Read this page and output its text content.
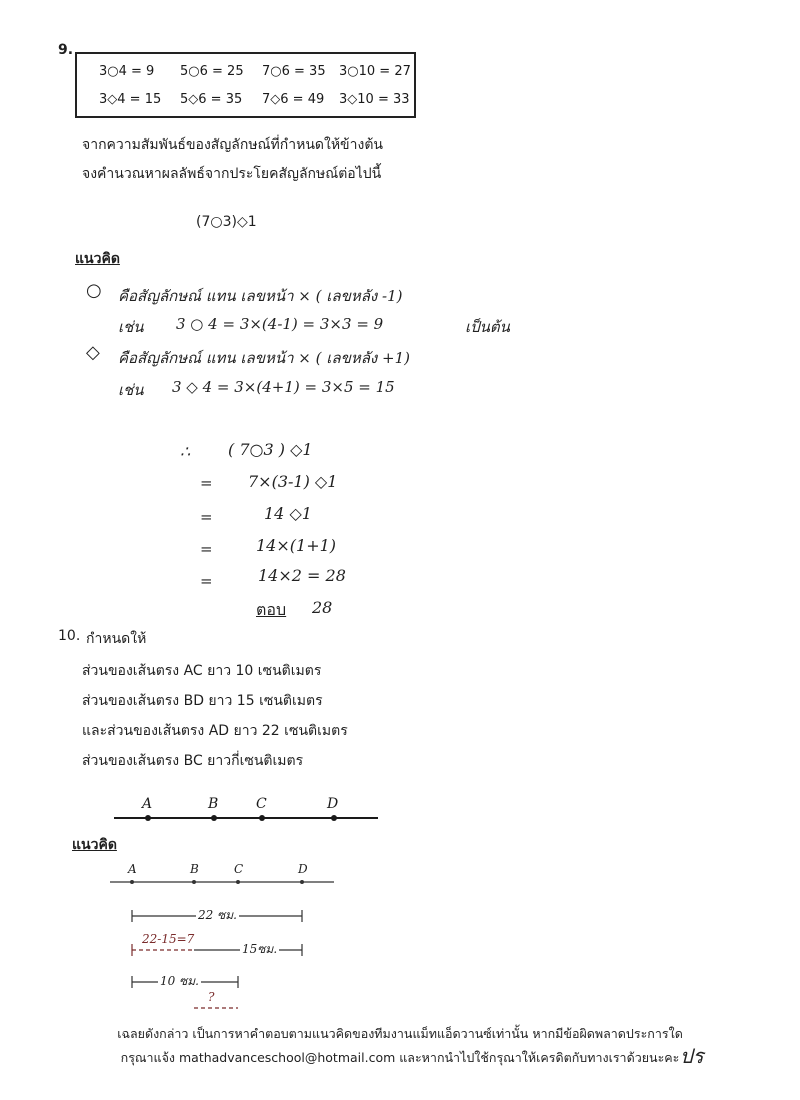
9.
3○4 = 9 5○6 = 25 7○6 = 35 3○10 = 27
3◇4 = 15 5◇6 = 35 7◇6 = 49 3◇10 = 33
จากความสัมพันธ์ของสัญลักษณ์ที่กำหนดให้ข้างต้น
จงคำนวณหาผลลัพธ์จากประโยคสัญลักษณ์ต่อไปนี้
(7○3)◇1
แนวคิด
○ คือสัญลักษณ์ แทน เลขหน้า × ( เลขหลัง -1)
เช่น 3 ○ 4 = 3×(4-1) = 3×3 = 9	เป็นต้น
◇ คือสัญลักษณ์ แทน เลขหน้า × ( เลขหลัง +1)
เช่น 3 ◇ 4 = 3×(4+1) = 3×5 = 15
∴ ( 7○3 ) ◇1
= 7×(3-1) ◇1
=	14 ◇1
=	14×(1+1)
=	14×2 = 28
ตอบ 28
10. กำหนดให้
ส่วนของเส้นตรง AC ยาว 10 เซนติเมตร
ส่วนของเส้นตรง BD ยาว 15 เซนติเมตร
และส่วนของเส้นตรง AD ยาว 22 เซนติเมตร
ส่วนของเส้นตรง BC ยาวกี่เซนติเมตร
A	B	C	D
แนวคิด
A	B	C	D
22 ซม.
22-15=7
15ซม.
10 ซม.
?
เฉลยดังกล่าว เป็นการหาคำตอบตามแนวคิดของทีมงานแม็ทแอ็ดวานซ์เท่านั้น หากมีข้อผิดพลาดประการใด
กรุณาแจ้ง mathadvanceschool@hotmail.com และหากนำไปใช้กรุณาให้เครดิตกับทางเราด้วยนะคะ ปร
